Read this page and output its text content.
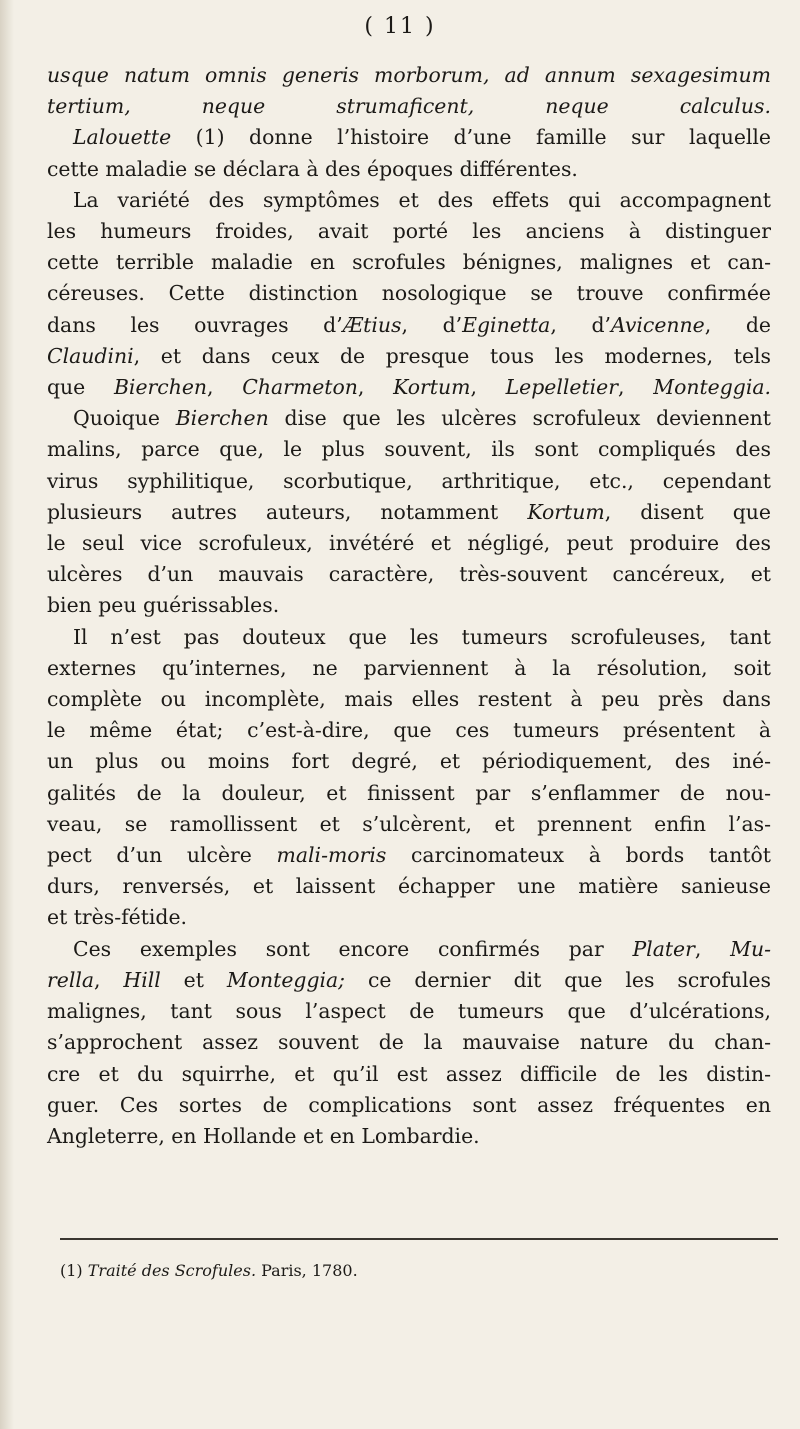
( 11 )
usque natum omnis generis morborum, ad annum sexagesimum
tertium, neque strumaficent, neque calculus.
Lalouette (1) donne l’histoire d’une famille sur laquelle
cette maladie se déclara à des époques différentes.
La variété des symptômes et des effets qui accompagnent
les humeurs froides, avait porté les anciens à distinguer
cette terrible maladie en scrofules bénignes, malignes et can-
céreuses. Cette distinction nosologique se trouve confirmée
dans les ouvrages d’Ætius, d’Eginetta, d’Avicenne, de
Claudini, et dans ceux de presque tous les modernes, tels
que Bierchen, Charmeton, Kortum, Lepelletier, Monteggia.
Quoique Bierchen dise que les ulcères scrofuleux deviennent
malins, parce que, le plus souvent, ils sont compliqués des
virus syphilitique, scorbutique, arthritique, etc., cependant
plusieurs autres auteurs, notamment Kortum, disent que
le seul vice scrofuleux, invétéré et négligé, peut produire des
ulcères d’un mauvais caractère, très-souvent cancéreux, et
bien peu guérissables.
Il n’est pas douteux que les tumeurs scrofuleuses, tant
externes qu’internes, ne parviennent à la résolution, soit
complète ou incomplète, mais elles restent à peu près dans
le même état; c’est-à-dire, que ces tumeurs présentent à
un plus ou moins fort degré, et périodiquement, des iné-
galités de la douleur, et finissent par s’enflammer de nou-
veau, se ramollissent et s’ulcèrent, et prennent enfin l’as-
pect d’un ulcère mali-moris carcinomateux à bords tantôt
durs, renversés, et laissent échapper une matière sanieuse
et très-fétide.
Ces exemples sont encore confirmés par Plater, Mu-
rella, Hill et Monteggia; ce dernier dit que les scrofules
malignes, tant sous l’aspect de tumeurs que d’ulcérations,
s’approchent assez souvent de la mauvaise nature du chan-
cre et du squirrhe, et qu’il est assez difficile de les distin-
guer. Ces sortes de complications sont assez fréquentes en
Angleterre, en Hollande et en Lombardie.
(1) Traité des Scrofules. Paris, 1780.
